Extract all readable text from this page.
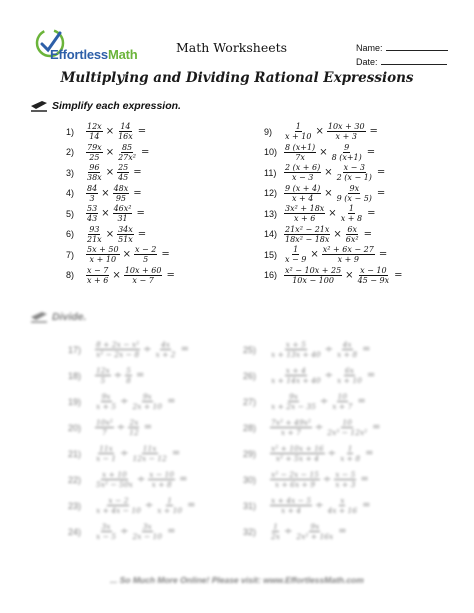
EffortlessMath	Math Worksheets	Name:
Date:
Multiplying and Dividing Rational Expressions
Simplify each expression.
1)	$\frac{12x}{14} \times \frac{14}{16x}$ =
2)	$\frac{79x}{25} \times \frac{85}{\text{27x²}}$ =
3)	$\frac{96}{38x} \times \frac{25}{45}$ =
4)	$\frac{84}{3} \times \frac{48x}{95}$ =
5)	$\frac{53}{43} \times \frac{\text{46x²}}{31}$ =
6)	$\frac{93}{21x} \times \frac{34x}{51x}$ =
7)	$\frac{5x + 50}{x + 10} \times \frac{x - 2}{5}$ =
8)	$\frac{x - 7}{x + 6} \times \frac{10x + 60}{x - 7}$ =
9)	$\frac{1}{x + 10} \times \frac{10x + 30}{x + 3}$ =
$10) \frac{8 (x+1)}{7x} \times \frac{9}{8 (x+1)}$ =
$11) \frac{2 (x + 6)}{x - 3} \times \frac{x - 3}{2 (x - 1)}$ =
$12) \frac{9 (x + 4)}{x + 4} \times \frac{9x}{9 (x - 5)}$ =
$13) \frac{\text{3x² + 18x}}{x + 6} \times \frac{1}{x + 8}$ =
$14) \frac{\text{21x² − 21x}}{\text{18x² − 18x}} \times \frac{6x}{\text{6x²}}$ =
$15) \frac{1}{x - 9} \times \frac{\text{x² + 6x − 27}}{x + 9}$ =
$16) \frac{\text{x² − 10x + 25}}{10x - 100} \times \frac{x - 10}{45 - 9x}$ =
Divide.
17)	$\frac{\text{8 + 2x − x²}}{\text{x² − 2x − 8}} \div \frac{4x}{x + 2}$ =
18)	$\frac{12x}{5} \div \frac{5}{8}$ =
19)	$\frac{9x}{x + 5} \div \frac{9x}{2x + 10}$ =
20)	$\frac{\text{10x²}}{7} \div \frac{2x}{12}$ =
21)	$\frac{11x}{x - 1} \div \frac{11x}{12x - 12}$ =
22)	$\frac{x + 10}{\text{5x² − 50x}} \div \frac{x - 10}{x + 8}$ =
23)	$\frac{x - 2}{x + 4x - 10} \div \frac{1}{x + 10}$ =
24)	$\frac{3x}{x - 5} \div \frac{3x}{2x - 10}$ =
25)	$\frac{x + 5}{x + 13x + 40} \div \frac{4x}{x + 8}$ =
26)	$\frac{x + 4}{x + 14x + 40} \div \frac{6x}{x + 10}$ =
27)	$\frac{9x}{x + 2x - 35} \div \frac{10}{x + 7}$ =
28)	$\frac{\text{7x² + 49x²}}{x + 7} \div \frac{10}{\text{2x³ − 12x²}}$ =
29)	$\frac{\text{x² + 10x + 16}}{\text{x² + 5x + 4}} \div \frac{1}{x + 8}$ =
30)	$\frac{\text{x² − 2x − 15}}{x + 6x + 9} \div \frac{x - 5}{x + 3}$ =
31)	$\frac{x + 4x - 5}{x + 4} \div \frac{x}{4x + 16}$ =
32)	$\frac{1}{2x} \div \frac{9x}{\text{2x² + 16x}}$ =
... So Much More Online! Please visit: www.EffortlessMath.com
